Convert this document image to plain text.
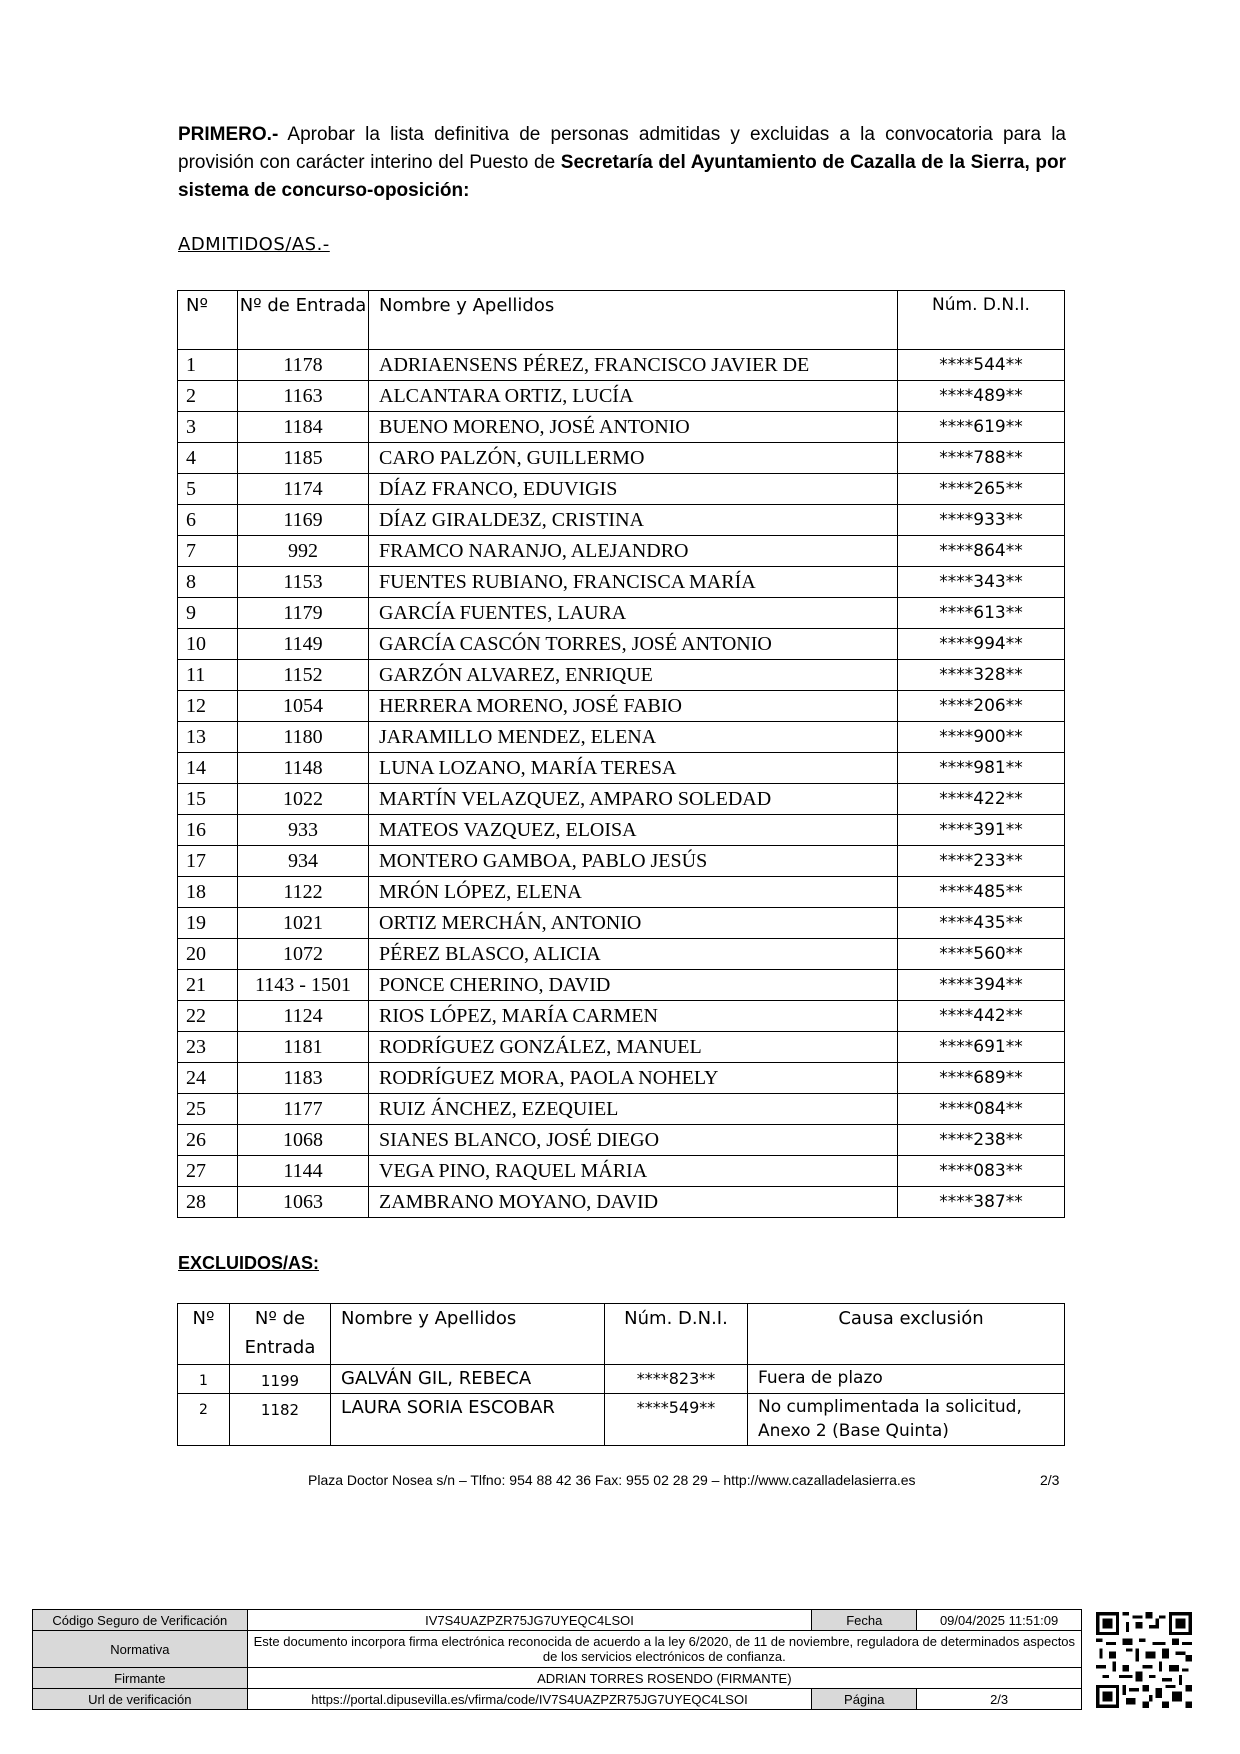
PRIMERO.- Aprobar la lista definitiva de personas admitidas y excluidas a la convocatoria para la provisión con carácter interino del Puesto de Secretaría del Ayuntamiento de Cazalla de la Sierra, por sistema de concurso-oposición:
ADMITIDOS/AS.-
Nº	Nº de Entrada	Nombre y Apellidos	Núm. D.N.I.
1	1178	ADRIAENSENS PÉREZ, FRANCISCO JAVIER DE	****544**
2	1163	ALCANTARA ORTIZ, LUCÍA	****489**
3	1184	BUENO MORENO, JOSÉ ANTONIO	****619**
4	1185	CARO PALZÓN, GUILLERMO	****788**
5	1174	DÍAZ FRANCO, EDUVIGIS	****265**
6	1169	DÍAZ GIRALDE3Z, CRISTINA	****933**
7	992	FRAMCO NARANJO, ALEJANDRO	****864**
8	1153	FUENTES RUBIANO, FRANCISCA MARÍA	****343**
9	1179	GARCÍA FUENTES, LAURA	****613**
10	1149	GARCÍA CASCÓN TORRES, JOSÉ ANTONIO	****994**
11	1152	GARZÓN ALVAREZ, ENRIQUE	****328**
12	1054	HERRERA MORENO, JOSÉ FABIO	****206**
13	1180	JARAMILLO MENDEZ, ELENA	****900**
14	1148	LUNA LOZANO, MARÍA TERESA	****981**
15	1022	MARTÍN VELAZQUEZ, AMPARO SOLEDAD	****422**
16	933	MATEOS VAZQUEZ, ELOISA	****391**
17	934	MONTERO GAMBOA, PABLO JESÚS	****233**
18	1122	MRÓN LÓPEZ, ELENA	****485**
19	1021	ORTIZ MERCHÁN, ANTONIO	****435**
20	1072	PÉREZ BLASCO, ALICIA	****560**
21	1143 - 1501	PONCE CHERINO, DAVID	****394**
22	1124	RIOS LÓPEZ, MARÍA CARMEN	****442**
23	1181	RODRÍGUEZ GONZÁLEZ, MANUEL	****691**
24	1183	RODRÍGUEZ MORA, PAOLA NOHELY	****689**
25	1177	RUIZ ÁNCHEZ, EZEQUIEL	****084**
26	1068	SIANES BLANCO, JOSÉ DIEGO	****238**
27	1144	VEGA PINO, RAQUEL MÁRIA	****083**
28	1063	ZAMBRANO MOYANO, DAVID	****387**
EXCLUIDOS/AS:
Nº	Nº de Entrada	Nombre y Apellidos	Núm. D.N.I.	Causa exclusión
1	1199	GALVÁN GIL, REBECA	****823**	Fuera de plazo
2	1182	LAURA SORIA ESCOBAR	****549**	No cumplimentada la solicitud, Anexo 2 (Base Quinta)
Plaza Doctor Nosea s/n – Tlfno: 954 88 42 36 Fax: 955 02 28 29 – http://www.cazalladelasierra.es	2/3
Código Seguro de Verificación	IV7S4UAZPZR75JG7UYEQC4LSOI	Fecha	09/04/2025 11:51:09
Normativa	Este documento incorpora firma electrónica reconocida de acuerdo a la ley 6/2020, de 11 de noviembre, reguladora de determinados aspectos de los servicios electrónicos de confianza.		
Firmante	ADRIAN TORRES ROSENDO (FIRMANTE)		
Url de verificación	https://portal.dipusevilla.es/vfirma/code/IV7S4UAZPZR75JG7UYEQC4LSOI	Página	2/3
